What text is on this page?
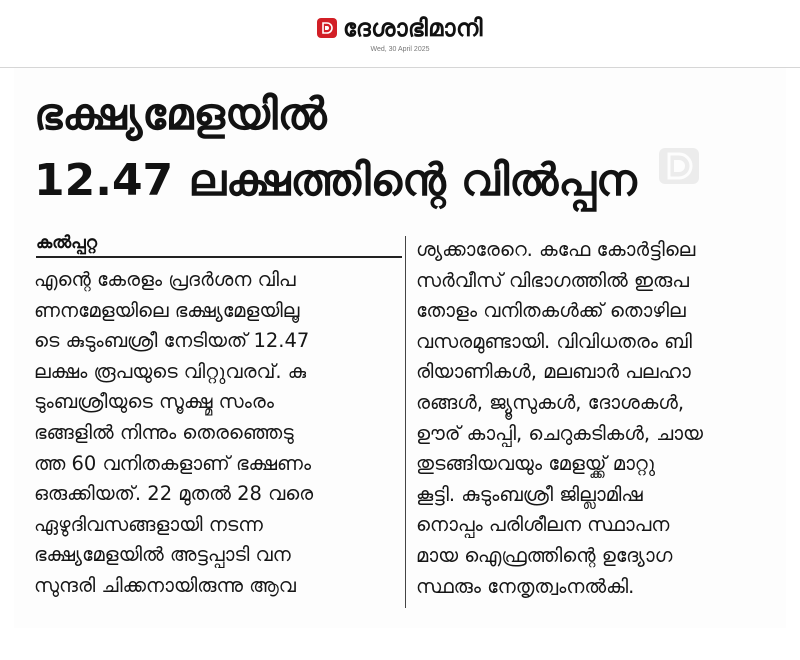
ദേശാഭിമാനി
Wed, 30 April 2025
ഭക്ഷ്യമേളയിൽ
12.47 ലക്ഷത്തിന്റെ വിൽപ്പന
കൽപ്പറ്റ
എന്റെ കേരളം പ്രദർശന വിപ
ണനമേളയിലെ ഭക്ഷ്യമേളയിലൂ
ടെ കുടുംബശ്രീ നേടിയത് 12.47
ലക്ഷം രൂപയുടെ വിറ്റുവരവ്. കു
ടുംബശ്രീയുടെ സൂക്ഷ്മ സംരം
ഭങ്ങളിൽ നിന്നും തെരഞ്ഞെടു
ത്ത 60 വനിതകളാണ് ഭക്ഷണം
ഒരുക്കിയത്. 22 മുതൽ 28 വരെ
ഏഴുദിവസങ്ങളായി നടന്ന
ഭക്ഷ്യമേളയിൽ അട്ടപ്പാടി വന
സുന്ദരി ചിക്കനായിരുന്നു ആവ
ശ്യക്കാരേറെ. കഫേ കോർട്ടിലെ
സർവീസ് വിഭാഗത്തിൽ ഇരുപ
തോളം വനിതകൾക്ക് തൊഴില
വസരമുണ്ടായി. വിവിധതരം ബി
രിയാണികൾ, മലബാർ പലഹാ
രങ്ങൾ, ജ്യൂസുകൾ, ദോശകൾ,
ഊര് കാപ്പി, ചെറുകടികൾ, ചായ
തുടങ്ങിയവയും മേളയ്ക്ക് മാറ്റു
കൂട്ടി. കുടുംബശ്രീ ജില്ലാമിഷ
നൊപ്പം പരിശീലന സ്ഥാപന
മായ ഐഫ്രത്തിന്റെ ഉദ്യോഗ
സ്ഥരും നേതൃത്വംനൽകി.
